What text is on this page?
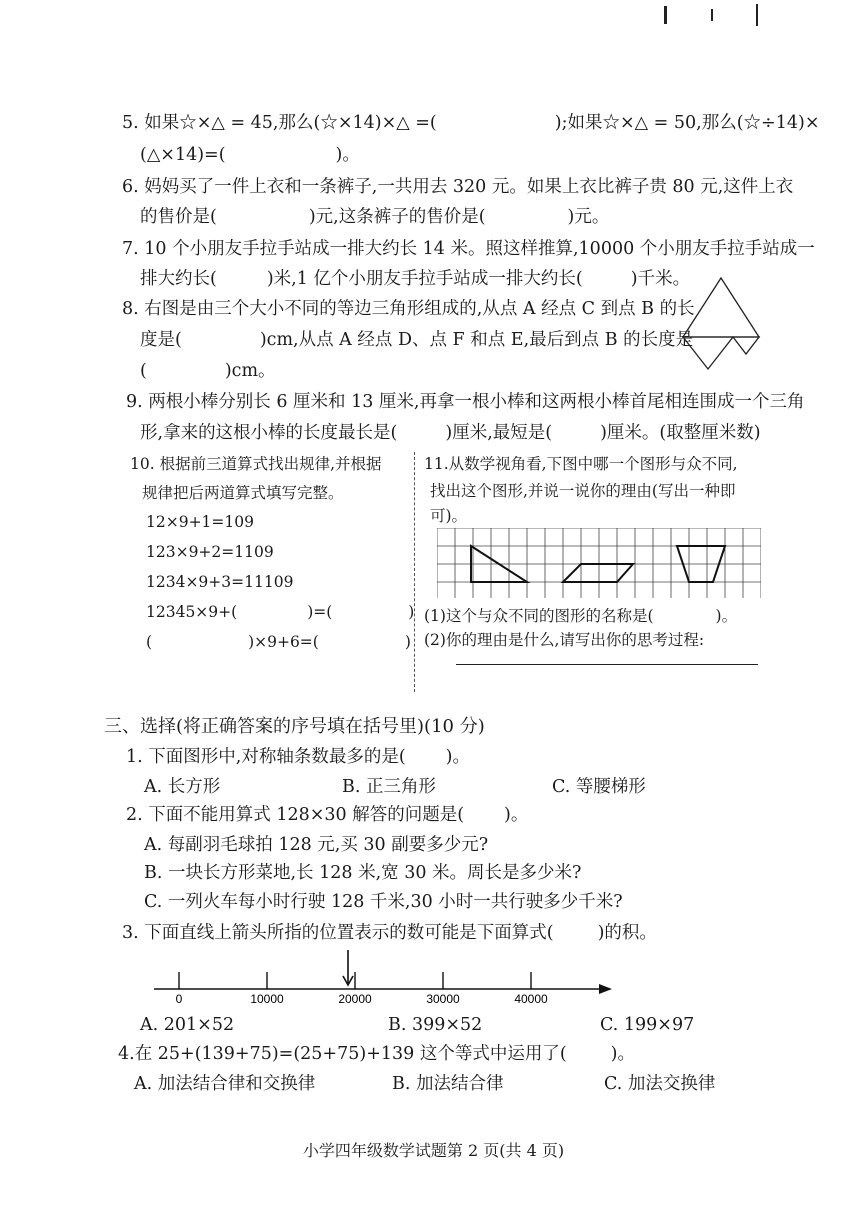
5. 如果☆×△ = 45,那么(☆×14)×△ =(	);如果☆×△ = 50,那么(☆÷14)×
(△×14)=(	)。
6. 妈妈买了一件上衣和一条裤子,一共用去 320 元。如果上衣比裤子贵 80 元,这件上衣
的售价是(	)元,这条裤子的售价是(	)元。
7. 10 个小朋友手拉手站成一排大约长 14 米。照这样推算,10000 个小朋友手拉手站成一
排大约长(	)米,1 亿个小朋友手拉手站成一排大约长(	)千米。
8. 右图是由三个大小不同的等边三角形组成的,从点 A 经点 C 到点 B 的长
度是(	)cm,从点 A 经点 D、点 F 和点 E,最后到点 B 的长度是
(	)cm。
9. 两根小棒分别长 6 厘米和 13 厘米,再拿一根小棒和这两根小棒首尾相连围成一个三角
形,拿来的这根小棒的长度最长是(	)厘米,最短是(	)厘米。(取整厘米数)
10. 根据前三道算式找出规律,并根据
规律把后两道算式填写完整。
12×9+1=109
123×9+2=1109
1234×9+3=11109
12345×9+(	)=(	)
(	)×9+6=(	)
11.从数学视角看,下图中哪一个图形与众不同,
找出这个图形,并说一说你的理由(写出一种即
可)。
(1)这个与众不同的图形的名称是(	)。
(2)你的理由是什么,请写出你的思考过程:
三、选择(将正确答案的序号填在括号里)(10 分)
1. 下面图形中,对称轴条数最多的是( )。
A. 长方形	B. 正三角形	C. 等腰梯形
2. 下面不能用算式 128×30 解答的问题是( )。
A. 每副羽毛球拍 128 元,买 30 副要多少元?
B. 一块长方形菜地,长 128 米,宽 30 米。周长是多少米?
C. 一列火车每小时行驶 128 千米,30 小时一共行驶多少千米?
3. 下面直线上箭头所指的位置表示的数可能是下面算式(	)的积。
0	10000	20000	30000	40000
A. 201×52	B. 399×52	C. 199×97
4.在 25+(139+75)=(25+75)+139 这个等式中运用了(	)。
A. 加法结合律和交换律	B. 加法结合律	C. 加法交换律
小学四年级数学试题第 2 页(共 4 页)
